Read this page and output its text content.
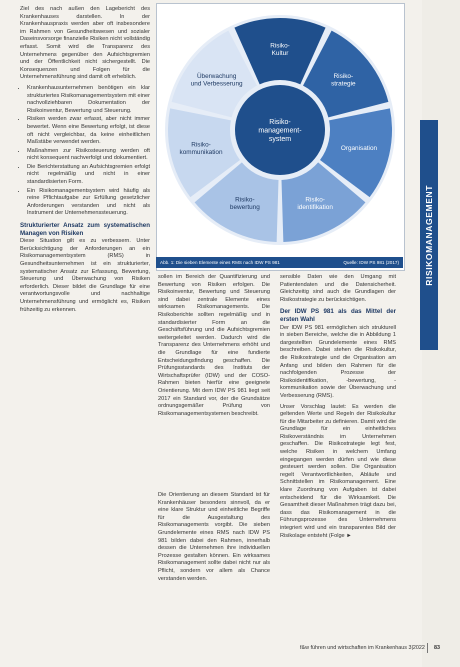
RISIKOMANAGEMENT

Ziel des nach außen den Lagebericht des Krankenhauses darstellen. In der Krankenhauspraxis werden aber oft insbesondere im Rahmen von Gesundheitswesen und sozialer Daseinsvorsorge finanzielle Risiken nicht vollständig erfasst. Somit wird die Transparenz des Unternehmens gegenüber den Aufsichtsgremien und der Öffentlichkeit nicht sichergestellt. Die Konsequenzen und Folgen für die Unternehmensführung sind damit oft erheblich.

• Krankenhausunternehmen benötigen ein klar strukturiertes Risikomanagementsystem mit einer nachvollziehbaren Dokumentation der Risikoinventur, Bewertung und Steuerung.
• Risiken werden zwar erfasst, aber nicht immer bewertet. Wenn eine Bewertung erfolgt, ist diese oft nicht vergleichbar, da keine einheitlichen Maßstäbe verwendet werden.
• Maßnahmen zur Risikosteuerung werden oft nicht konsequent nachverfolgt und dokumentiert.
• Die Berichterstattung an Aufsichtsgremien erfolgt nicht regelmäßig und nicht in einer standardisierten Form.
• Ein Risikomanagementsystem wird häufig als reine Pflichtaufgabe zur Erfüllung gesetzlicher Anforderungen verstanden und nicht als Instrument der Unternehmenssteuerung.
Strukturierter Ansatz zum systematischen Managen von Risiken

Diese Situation gilt es zu verbessern. Unter Berücksichtigung der Anforderungen an ein Risikomanagementsystem (RMS) in Gesundheitsunternehmen ist ein strukturierter, systematischer Ansatz zur Erfassung, Bewertung, Steuerung und Überwachung von Risiken erforderlich. Dieser bildet die Grundlage für eine verantwortungsvolle und nachhaltige Unternehmensführung und ermöglicht es, Risiken frühzeitig zu erkennen.

Risiko-Kultur
Risiko-strategie
Organisation
Risiko-identifikation
Risiko-bewertung
Risiko-kommunikation
Überwachung und Verbesserung
Risiko-management-system
Abb. 1: Die sieben Elemente eines RMS nach IDW PS 981	Quelle: IDW PS 981 (2017)

sollen im Bereich der Quantifizierung und Bewertung von Risiken erfolgen. Die Risikoinventur, Bewertung und Steuerung sind dabei zentrale Elemente eines wirksamen Risikomanagements. Die Risikoberichte sollten regelmäßig und in standardisierter Form an die Geschäftsführung und die Aufsichtsgremien weitergeleitet werden. Dadurch wird die Transparenz des Unternehmens erhöht und die Grundlage für eine fundierte Entscheidungsfindung geschaffen. Die Prüfungsstandards des Instituts der Wirtschaftsprüfer (IDW) und der COSO-Rahmen bieten hierfür eine geeignete Orientierung. Mit dem IDW PS 981 liegt seit 2017 ein Standard vor, der die Grundsätze ordnungsgemäßer Prüfung von Risikomanagementsystemen beschreibt.

Die Orientierung an diesem Standard ist für Krankenhäuser besonders sinnvoll, da er eine klare Struktur und einheitliche Begriffe für die Ausgestaltung des Risikomanagements vorgibt. Die sieben Grundelemente eines RMS nach IDW PS 981 bilden dabei den Rahmen, innerhalb dessen die Unternehmen ihre individuellen Prozesse gestalten können. Ein wirksames Risikomanagement sollte dabei nicht nur als Pflicht, sondern vor allem als Chance verstanden werden.

sensible Daten wie den Umgang mit Patientendaten und die Datensicherheit. Gleichzeitig sind auch die Grundlagen der Risikostrategie zu berücksichtigen.

Der IDW PS 981 als das Mittel der ersten Wahl

Der IDW PS 981 ermöglichen sich strukturell in sieben Bereiche, welche die in Abbildung 1 dargestellten Grundelemente eines RMS beschreiben. Dabei stehen die Risikokultur, die Risikostrategie und die Organisation am Anfang und bilden den Rahmen für die nachfolgenden Prozesse der Risikoidentifikation, -bewertung, -kommunikation sowie der Überwachung und Verbesserung (RMS).

Unser Vorschlag lautet: Es werden die geltenden Werte und Regeln der Risikokultur für die Mitarbeiter zu definieren. Damit wird die Grundlage für ein einheitliches Risikoverständnis im Unternehmen geschaffen. Die Risikostrategie legt fest, welche Risiken in welchem Umfang eingegangen werden dürfen und wie diese gesteuert werden sollen. Die Organisation regelt Verantwortlichkeiten, Abläufe und Schnittstellen im Risikomanagement. Eine klare Zuordnung von Aufgaben ist dabei entscheidend für die Wirksamkeit. Die Gesamtheit dieser Maßnahmen trägt dazu bei, dass das Risikomanagement in die Führungsprozesse des Unternehmens integriert wird und ein transparentes Bild der Risikolage entsteht (Folge ►

f&w führen und wirtschaften im Krankenhaus 3|2022 83
